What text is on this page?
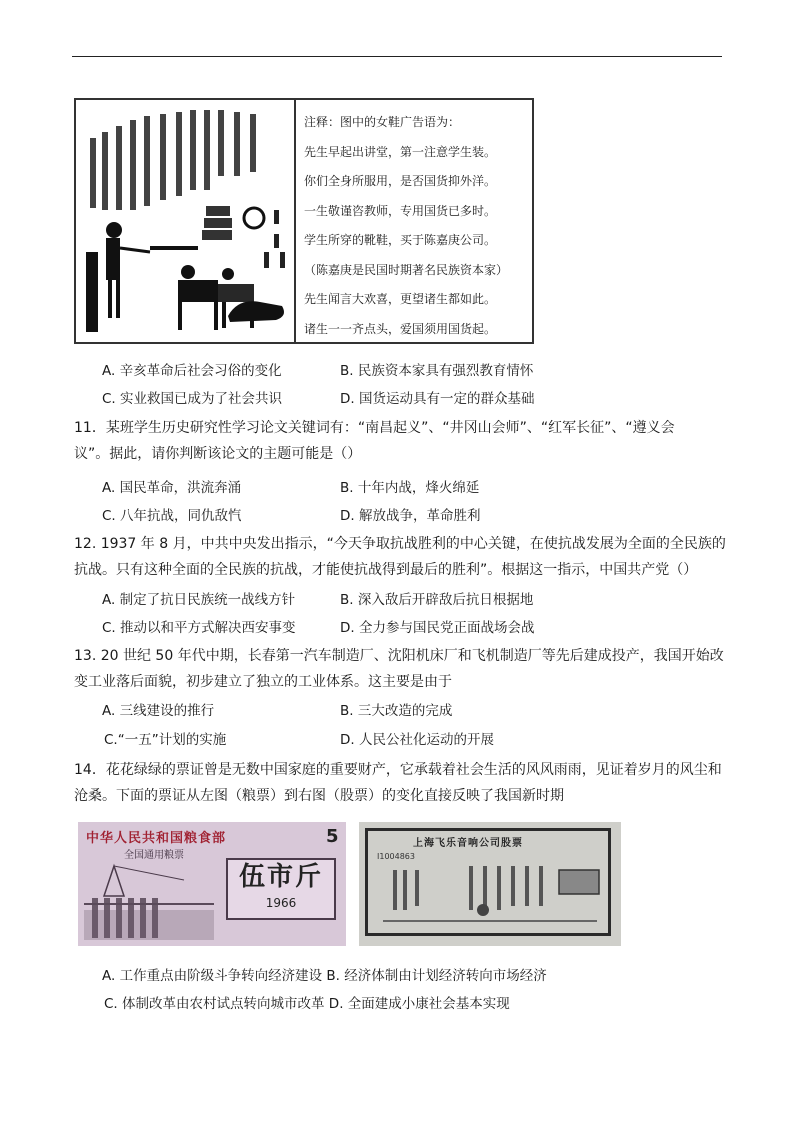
注释：图中的女鞋广告语为：
先生早起出讲堂，第一注意学生装。
你们全身所服用，是否国货抑外洋。
一生敬谨咨教师，专用国货已多时。
学生所穿的靴鞋，买于陈嘉庚公司。
（陈嘉庚是民国时期著名民族资本家）
先生闻言大欢喜，更望诸生都如此。
诸生一一齐点头，爱国须用国货起。
A. 辛亥革命后社会习俗的变化	B. 民族资本家具有强烈教育情怀
C. 实业救国已成为了社会共识	D. 国货运动具有一定的群众基础
11．某班学生历史研究性学习论文关键词有：“南昌起义”、“井冈山会师”、“红军长征”、“遵义会
议”。据此，请你判断该论文的主题可能是（）
A. 国民革命，洪流奔涌	B. 十年内战，烽火绵延
C. 八年抗战，同仇敌忾	D. 解放战争，革命胜利
12. 1937 年 8 月，中共中央发出指示，“今天争取抗战胜利的中心关键，在使抗战发展为全面的全民族的
抗战。只有这种全面的全民族的抗战，才能使抗战得到最后的胜利”。根据这一指示，中国共产党（）
A. 制定了抗日民族统一战线方针	B. 深入敌后开辟敌后抗日根据地
C. 推动以和平方式解决西安事变	D. 全力参与国民党正面战场会战
13. 20 世纪 50 年代中期，长春第一汽车制造厂、沈阳机床厂和飞机制造厂等先后建成投产，我国开始改
变工业落后面貌，初步建立了独立的工业体系。这主要是由于
A. 三线建设的推行	B. 三大改造的完成
C.“一五”计划的实施	D. 人民公社化运动的开展
14．花花绿绿的票证曾是无数中国家庭的重要财产，它承载着社会生活的风风雨雨，见证着岁月的风尘和
沧桑。下面的票证从左图（粮票）到右图（股票）的变化直接反映了我国新时期
中华人民共和国粮食部
全国通用粮票
5
伍市斤
1966
上海飞乐音响公司股票
I1004863
A. 工作重点由阶级斗争转向经济建设 B. 经济体制由计划经济转向市场经济
C. 体制改革由农村试点转向城市改革 D. 全面建成小康社会基本实现
